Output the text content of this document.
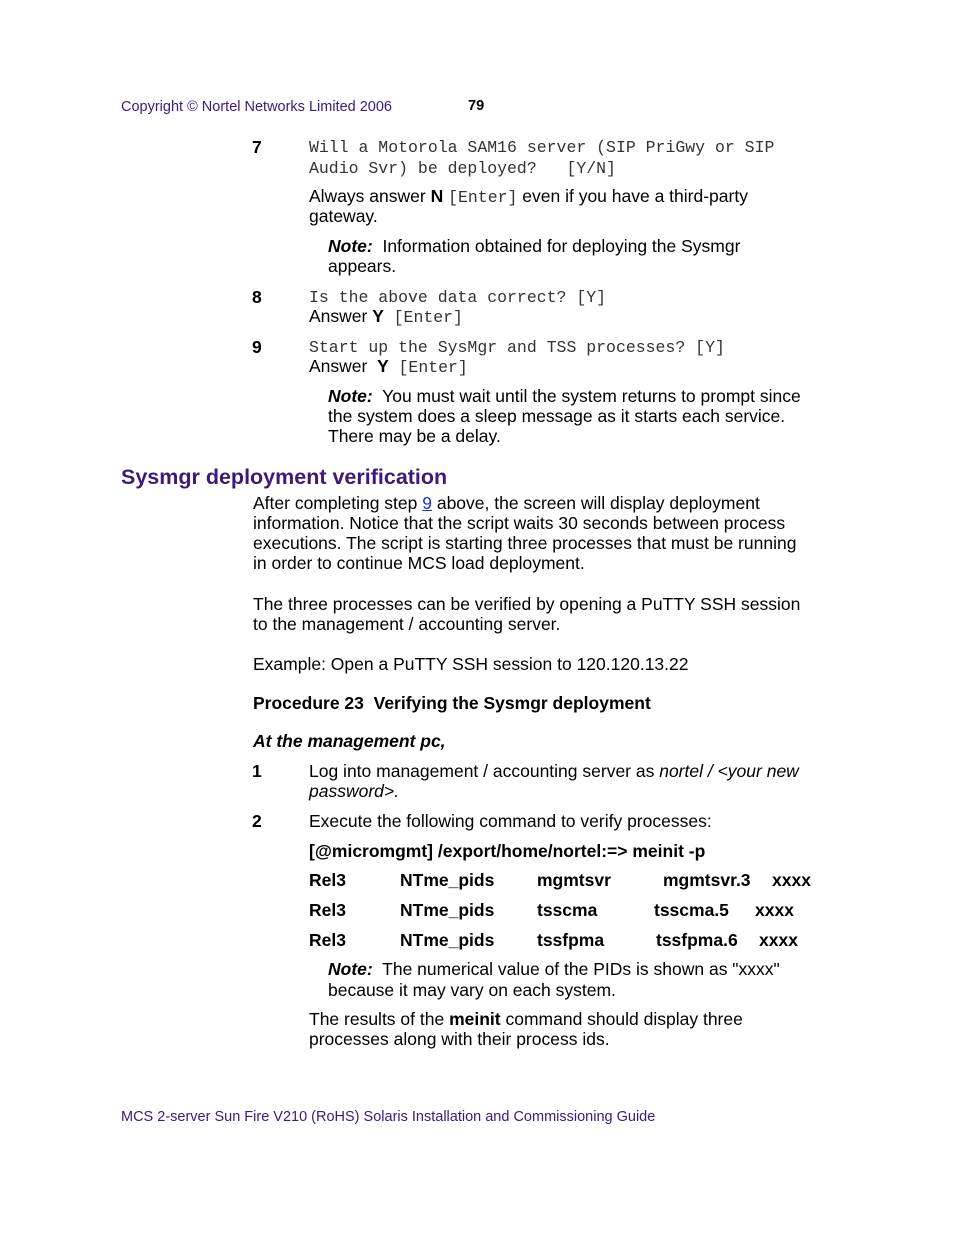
Copyright © Nortel Networks Limited 2006	79
7	Will a Motorola SAM16 server (SIP PriGwy or SIP
Audio Svr) be deployed?   [Y/N]
Always answer N [Enter] even if you have a third-party
gateway.
Note: Information obtained for deploying the Sysmgr
appears.
8	Is the above data correct? [Y]
Answer Y [Enter]
9	Start up the SysMgr and TSS processes? [Y]
Answer  Y [Enter]
Note: You must wait until the system returns to prompt since
the system does a sleep message as it starts each service.
There may be a delay.
Sysmgr deployment verification
After completing step 9 above, the screen will display deployment
information. Notice that the script waits 30 seconds between process
executions. The script is starting three processes that must be running
in order to continue MCS load deployment.
The three processes can be verified by opening a PuTTY SSH session
to the management / accounting server.
Example: Open a PuTTY SSH session to 120.120.13.22
Procedure 23  Verifying the Sysmgr deployment
At the management pc,
1	Log into management / accounting server as nortel / <your new
password>.
2	Execute the following command to verify processes:
[@micromgmt] /export/home/nortel:=> meinit -p
Rel3	NTme_pids mgmtsvr	mgmtsvr.3 xxxx
Rel3	NTme_pids tsscma	tsscma.5 xxxx
Rel3	NTme_pids tssfpma	tssfpma.6 xxxx
Note: The numerical value of the PIDs is shown as "xxxx"
because it may vary on each system.
The results of the meinit command should display three
processes along with their process ids.
MCS 2-server Sun Fire V210 (RoHS) Solaris Installation and Commissioning Guide
